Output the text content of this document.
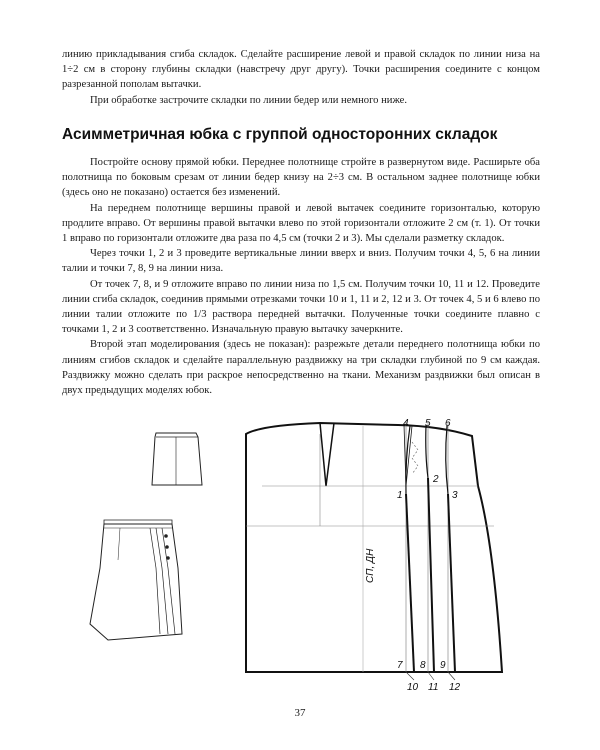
линию прикладывания сгиба складок. Сделайте расширение левой и правой складок по линии низа на 1÷2 см в сторону глубины складки (навстречу друг другу). Точки расширения соедините с концом разрезанной пополам вытачки.

При обработке застрочите складки по линии бедер или немного ниже.

Асимметричная юбка с группой односторонних складок

Постройте основу прямой юбки. Переднее полотнище стройте в развернутом виде. Расширьте оба полотнища по боковым срезам от линии бедер книзу на 2÷3 см. В остальном заднее полотнище юбки (здесь оно не показано) остается без изменений.

На переднем полотнище вершины правой и левой вытачек соедините горизонталью, которую продлите вправо. От вершины правой вытачки влево по этой горизонтали отложите 2 см (т. 1). От точки 1 вправо по горизонтали отложите два раза по 4,5 см (точки 2 и 3). Мы сделали разметку складок.

Через точки 1, 2 и 3 проведите вертикальные линии вверх и вниз. Получим точки 4, 5, 6 на линии талии и точки 7, 8, 9 на линии низа.

От точек 7, 8, и 9 отложите вправо по линии низа по 1,5 см. Получим точки 10, 11 и 12. Проведите линии сгиба складок, соединив прямыми отрезками точки 10 и 1, 11 и 2, 12 и 3. От точек 4, 5 и 6 влево по линии талии отложите по 1/3 раствора передней вытачки. Полученные точки соедините плавно с точками 1, 2 и 3 соответственно. Изначальную правую вытачку зачеркните.

Второй этап моделирования (здесь не показан): разрежьте детали переднего полотнища юбки по линиям сгибов складок и сделайте параллельную раздвижку на три складки глубиной по 9 см каждая. Раздвижку можно сделать при раскрое непосредственно на ткани. Механизм раздвижки был описан в двух предыдущих моделях юбок.

4 5 6
1
2
3
7 8 9
10 11 12
СП, ДН
37
